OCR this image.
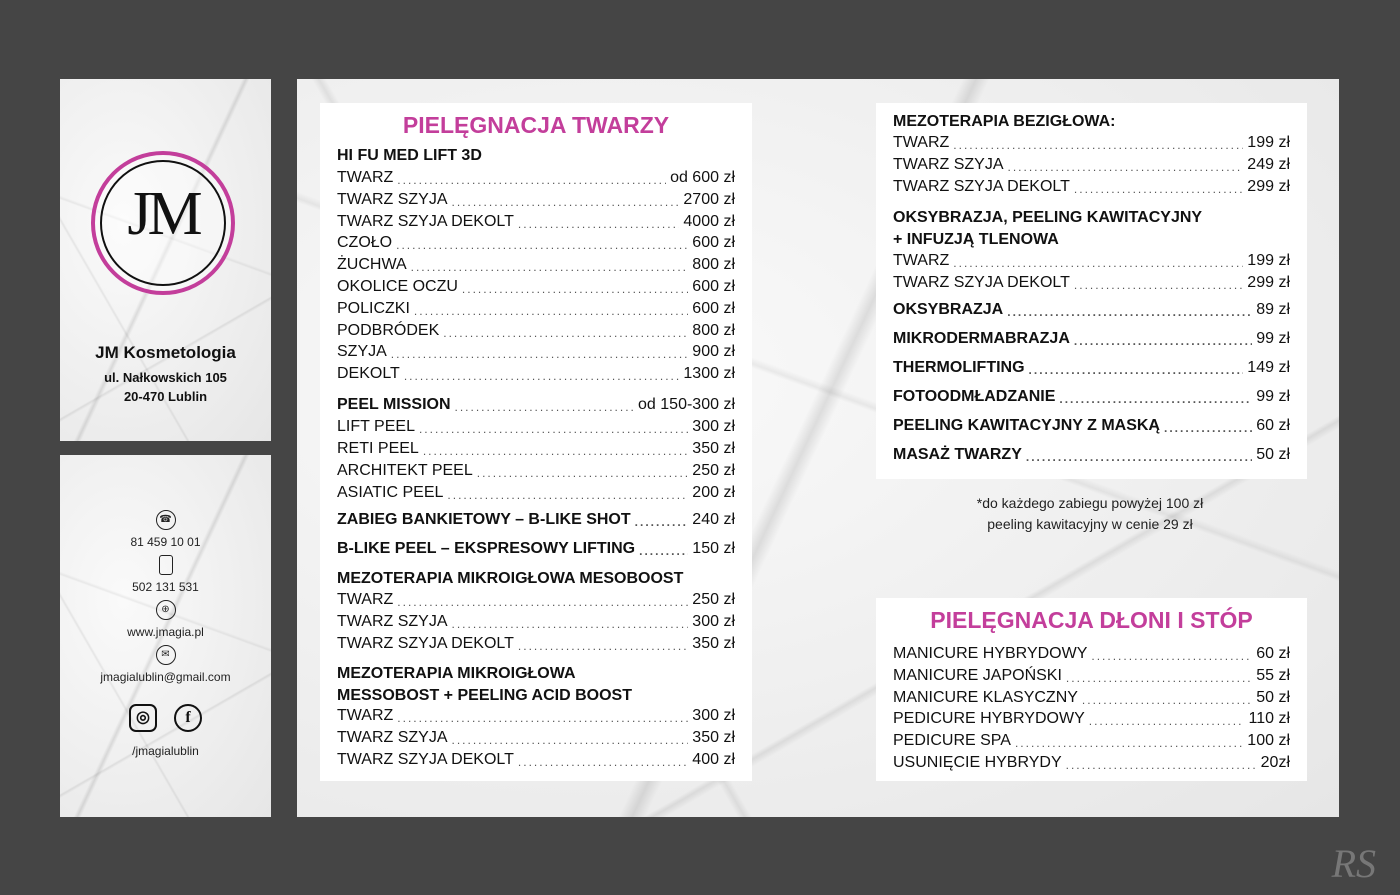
JM
JM Kosmetologia
ul. Nałkowskich 105
20-470 Lublin
☎
81 459 10 01
502 131 531
⊕
www.jmagia.pl
✉
jmagialublin@gmail.com
◎	f
/jmagialublin
PIELĘGNACJA TWARZY
HI FU MED LIFT 3D
TWARZ .....	od 600 zł
TWARZ SZYJA .....	2700 zł
TWARZ SZYJA DEKOLT .....	4000 zł
CZOŁO .....	600 zł
ŻUCHWA .....	800 zł
OKOLICE OCZU .....	600 zł
POLICZKI .....	600 zł
PODBRÓDEK .....	800 zł
SZYJA .....	900 zł
DEKOLT .....	1300 zł
PEEL MISSION .....	od 150-300 zł
LIFT PEEL .....	300 zł
RETI PEEL .....	350 zł
ARCHITEKT PEEL .....	250 zł
ASIATIC PEEL .....	200 zł
ZABIEG BANKIETOWY – B-LIKE SHOT .....	240 zł
B-LIKE PEEL – EKSPRESOWY LIFTING .....	150 zł
MEZOTERAPIA MIKROIGŁOWA MESOBOOST
TWARZ .....	250 zł
TWARZ SZYJA .....	300 zł
TWARZ SZYJA DEKOLT .....	350 zł
MEZOTERAPIA MIKROIGŁOWA
MESSOBOST + PEELING ACID BOOST
TWARZ .....	300 zł
TWARZ SZYJA .....	350 zł
TWARZ SZYJA DEKOLT .....	400 zł
MEZOTERAPIA BEZIGŁOWA:
TWARZ .....	199 zł
TWARZ SZYJA .....	249 zł
TWARZ SZYJA DEKOLT .....	299 zł
OKSYBRAZJA, PEELING KAWITACYJNY
+ INFUZJĄ TLENOWA
TWARZ .....	199 zł
TWARZ SZYJA DEKOLT .....	299 zł
OKSYBRAZJA .....	89 zł
MIKRODERMABRAZJA .....	99 zł
THERMOLIFTING .....	149 zł
FOTOODMŁADZANIE .....	99 zł
PEELING KAWITACYJNY Z MASKĄ .....	60 zł
MASAŻ TWARZY .....	50 zł
*do każdego zabiegu powyżej 100 zł
peeling kawitacyjny w cenie 29 zł
PIELĘGNACJA DŁONI I STÓP
MANICURE HYBRYDOWY .....	60 zł
MANICURE JAPOŃSKI .....	55 zł
MANICURE KLASYCZNY .....	50 zł
PEDICURE HYBRYDOWY .....	110 zł
PEDICURE SPA .....	100 zł
USUNIĘCIE HYBRYDY .....	20zł
RS
